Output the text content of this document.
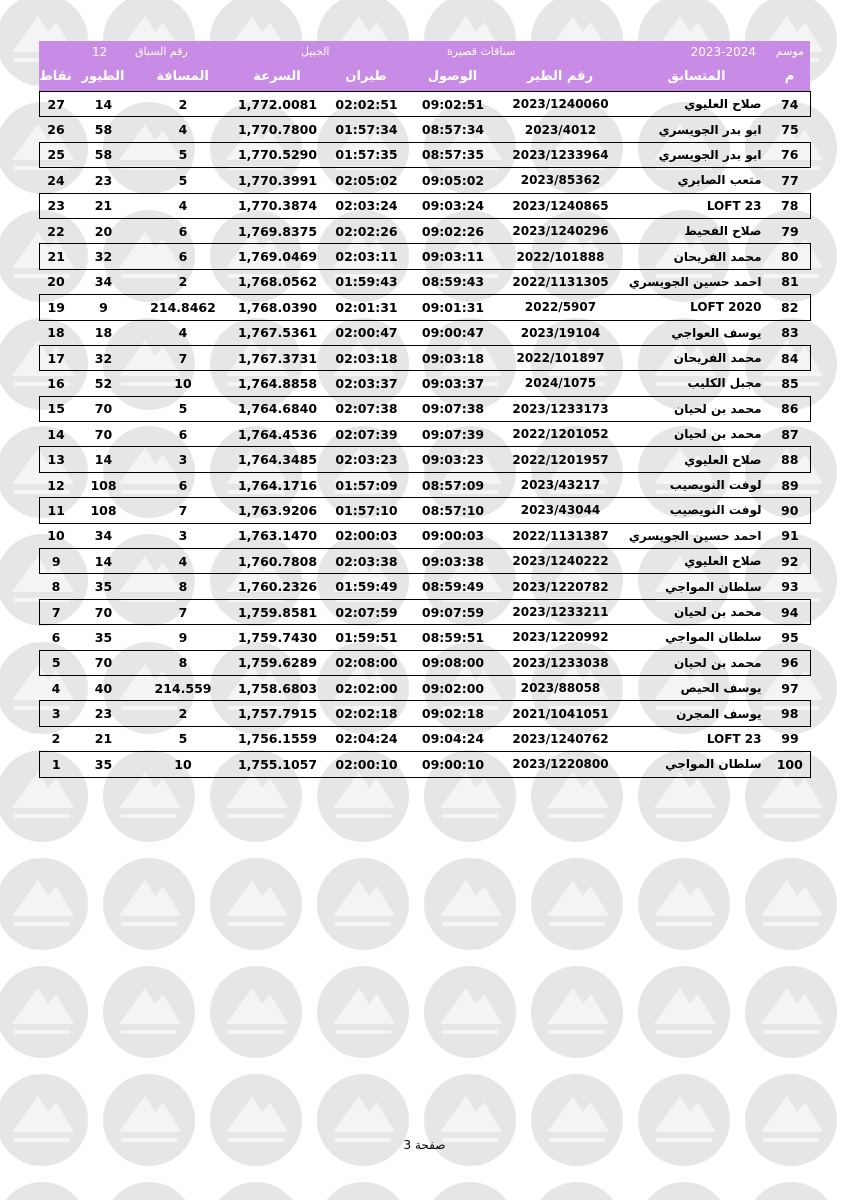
موسم
2023-2024
سباقات قصيرة
الجبيل
رقم السباق
12
نقاط الطيور	المسافة	السرعة	طيران	الوصول	رقم الطير	المتسابق	م
27	14	2	1,772.0081	02:02:51	09:02:51	2023/1240060	صلاح العليوي	74
26	58	4	1,770.7800	01:57:34	08:57:34	2023/4012	ابو بدر الجويسري	75
25	58	5	1,770.5290	01:57:35	08:57:35	2023/1233964	ابو بدر الجويسري	76
24	23	5	1,770.3991	02:05:02	09:05:02	2023/85362	متعب الصابري	77
23	21	4	1,770.3874	02:03:24	09:03:24	2023/1240865	LOFT 23	78
22	20	6	1,769.8375	02:02:26	09:02:26	2023/1240296	صلاح الفحيط	79
21	32	6	1,769.0469	02:03:11	09:03:11	2022/101888	محمد الفريحان	80
20	34	2	1,768.0562	01:59:43	08:59:43	2022/1131305	احمد حسين الجويسري	81
19	9	214.8462	1,768.0390	02:01:31	09:01:31	2022/5907	LOFT 2020	82
18	18	4	1,767.5361	02:00:47	09:00:47	2023/19104	يوسف العواجي	83
17	32	7	1,767.3731	02:03:18	09:03:18	2022/101897	محمد الفريحان	84
16	52	10	1,764.8858	02:03:37	09:03:37	2024/1075	مجبل الكليب	85
15	70	5	1,764.6840	02:07:38	09:07:38	2023/1233173	محمد بن لحيان	86
14	70	6	1,764.4536	02:07:39	09:07:39	2022/1201052	محمد بن لحيان	87
13	14	3	1,764.3485	02:03:23	09:03:23	2022/1201957	صلاح العليوي	88
12	108	6	1,764.1716	01:57:09	08:57:09	2023/43217	لوفت النويصيب	89
11	108	7	1,763.9206	01:57:10	08:57:10	2023/43044	لوفت النويصيب	90
10	34	3	1,763.1470	02:00:03	09:00:03	2022/1131387	احمد حسين الجويسري	91
9	14	4	1,760.7808	02:03:38	09:03:38	2023/1240222	صلاح العليوي	92
8	35	8	1,760.2326	01:59:49	08:59:49	2023/1220782	سلطان المواجي	93
7	70	7	1,759.8581	02:07:59	09:07:59	2023/1233211	محمد بن لحيان	94
6	35	9	1,759.7430	01:59:51	08:59:51	2023/1220992	سلطان المواجي	95
5	70	8	1,759.6289	02:08:00	09:08:00	2023/1233038	محمد بن لحيان	96
4	40	214.559	1,758.6803	02:02:00	09:02:00	2023/88058	يوسف الحيص	97
3	23	2	1,757.7915	02:02:18	09:02:18	2021/1041051	يوسف المجرن	98
2	21	5	1,756.1559	02:04:24	09:04:24	2023/1240762	LOFT 23	99
1	35	10	1,755.1057	02:00:10	09:00:10	2023/1220800	سلطان المواجي	100
صفحة 3
